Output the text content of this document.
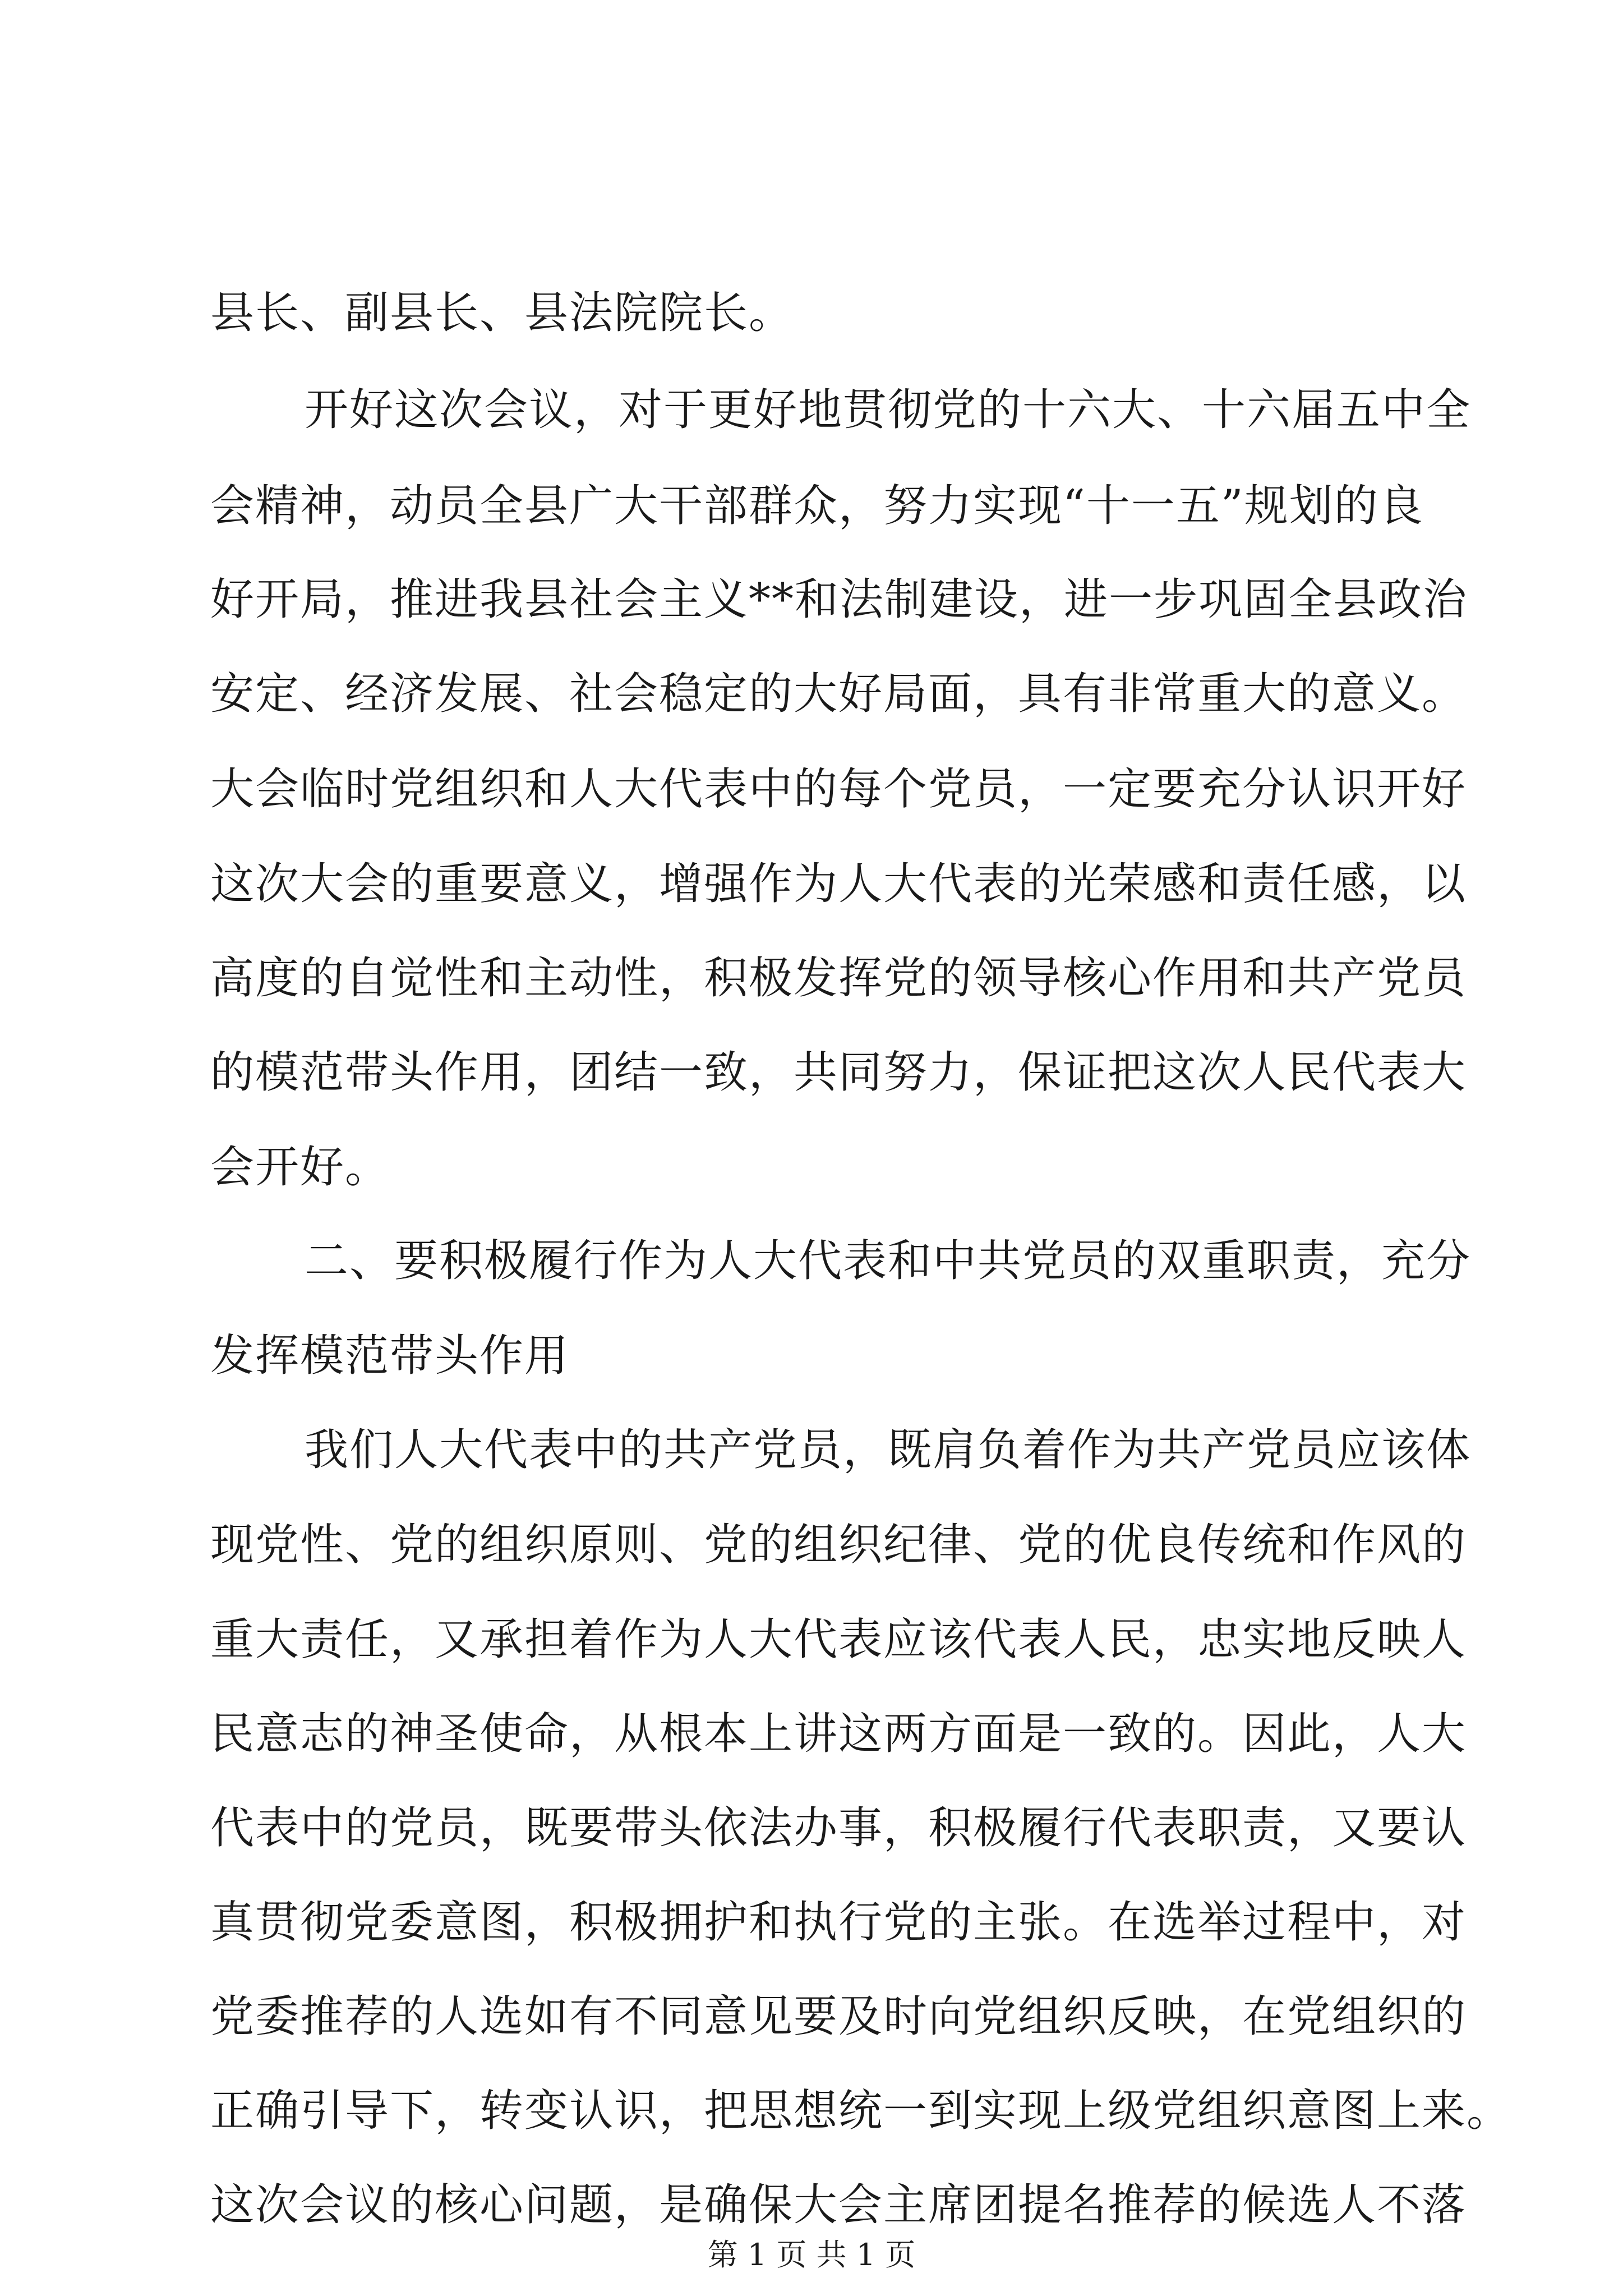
县长、副县长、县法院院长。
开好这次会议，对于更好地贯彻党的十六大、十六届五中全
会精神，动员全县广大干部群众，努力实现“十一五”规划的良
好开局，推进我县社会主义**和法制建设，进一步巩固全县政治
安定、经济发展、社会稳定的大好局面，具有非常重大的意义。
大会临时党组织和人大代表中的每个党员，一定要充分认识开好
这次大会的重要意义，增强作为人大代表的光荣感和责任感，以
高度的自觉性和主动性，积极发挥党的领导核心作用和共产党员
的模范带头作用，团结一致，共同努力，保证把这次人民代表大
会开好。
二、要积极履行作为人大代表和中共党员的双重职责，充分
发挥模范带头作用
我们人大代表中的共产党员，既肩负着作为共产党员应该体
现党性、党的组织原则、党的组织纪律、党的优良传统和作风的
重大责任，又承担着作为人大代表应该代表人民，忠实地反映人
民意志的神圣使命，从根本上讲这两方面是一致的。因此，人大
代表中的党员，既要带头依法办事，积极履行代表职责，又要认
真贯彻党委意图，积极拥护和执行党的主张。在选举过程中，对
党委推荐的人选如有不同意见要及时向党组织反映，在党组织的
正确引导下，转变认识，把思想统一到实现上级党组织意图上来。
这次会议的核心问题，是确保大会主席团提名推荐的候选人不落
第 1 页 共 1 页
